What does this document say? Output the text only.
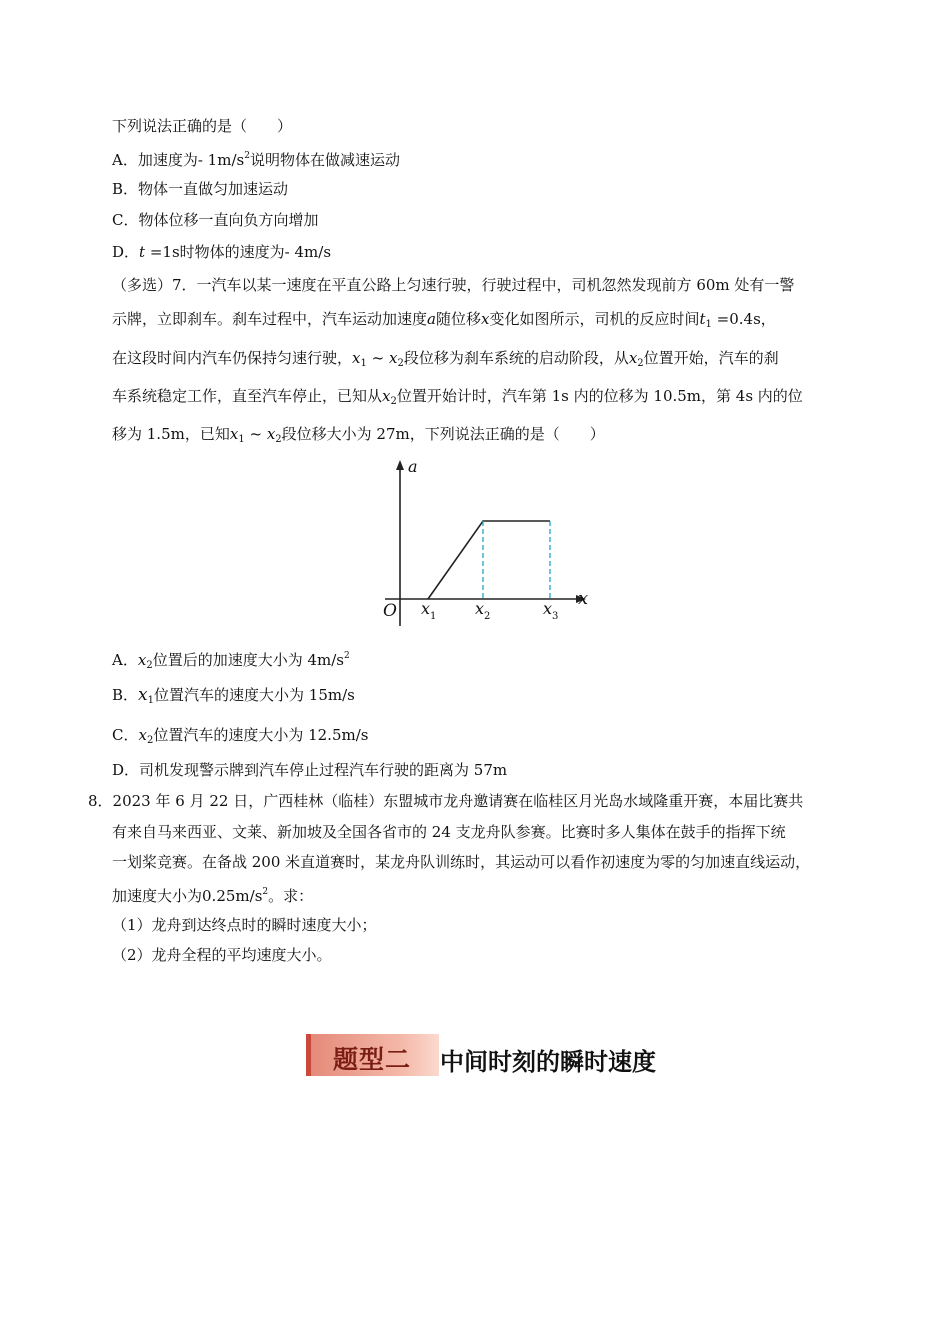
下列说法正确的是（　　）
A．加速度为- $1m/s^2$说明物体在做减速运动
B．物体一直做匀加速运动
C．物体位移一直向负方向增加
D．t =1s时物体的速度为- 4m/s
（多选）7．一汽车以某一速度在平直公路上匀速行驶，行驶过程中，司机忽然发现前方 60m 处有一警
示牌，立即刹车。刹车过程中，汽车运动加速度a随位移x变化如图所示，司机的反应时间$t_1 =0.4s$，
在这段时间内汽车仍保持匀速行驶，$x_1$ ~ $x_2$段位移为刹车系统的启动阶段，从$x_2$位置开始，汽车的刹
车系统稳定工作，直至汽车停止，已知从$x_2$位置开始计时，汽车第 1s 内的位移为 10.5m，第 4s 内的位
移为 1.5m，已知$x_1$ ~ $x_2$段位移大小为 27m，下列说法正确的是（　　）
a
x
O x 1 x 2	x 3
A．$x_2$位置后的加速度大小为 $4m/s^2$
B．$x_1$位置汽车的速度大小为 15m/s
C．$x_2$位置汽车的速度大小为 12.5m/s
D．司机发现警示牌到汽车停止过程汽车行驶的距离为 57m
8．2023 年 6 月 22 日，广西桂林（临桂）东盟城市龙舟邀请赛在临桂区月光岛水域隆重开赛，本届比赛共
有来自马来西亚、文莱、新加坡及全国各省市的 24 支龙舟队参赛。比赛时多人集体在鼓手的指挥下统
一划桨竞赛。在备战 200 米直道赛时，某龙舟队训练时，其运动可以看作初速度为零的匀加速直线运动，
加速度大小为$0.25m/s^2$。求：
（1）龙舟到达终点时的瞬时速度大小；
（2）龙舟全程的平均速度大小。
题型二 中间时刻的瞬时速度
